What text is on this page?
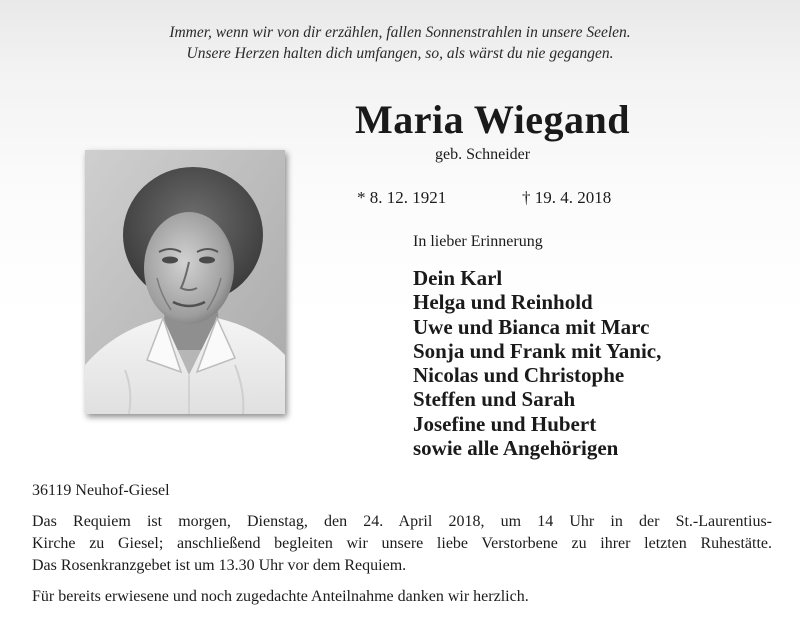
Immer, wenn wir von dir erzählen, fallen Sonnenstrahlen in unsere Seelen.
Unsere Herzen halten dich umfangen, so, als wärst du nie gegangen.
Maria Wiegand
geb. Schneider
* 8. 12. 1921	† 19. 4. 2018
In lieber Erinnerung
Dein Karl
Helga und Reinhold
Uwe und Bianca mit Marc
Sonja und Frank mit Yanic,
Nicolas und Christophe
Steffen und Sarah
Josefine und Hubert
sowie alle Angehörigen
36119 Neuhof-Giesel

Das Requiem ist morgen, Dienstag, den 24. April 2018, um 14 Uhr in der St.-Laurentius-
Kirche zu Giesel; anschließend begleiten wir unsere liebe Verstorbene zu ihrer letzten Ruhestätte.
Das Rosenkranzgebet ist um 13.30 Uhr vor dem Requiem.

Für bereits erwiesene und noch zugedachte Anteilnahme danken wir herzlich.
